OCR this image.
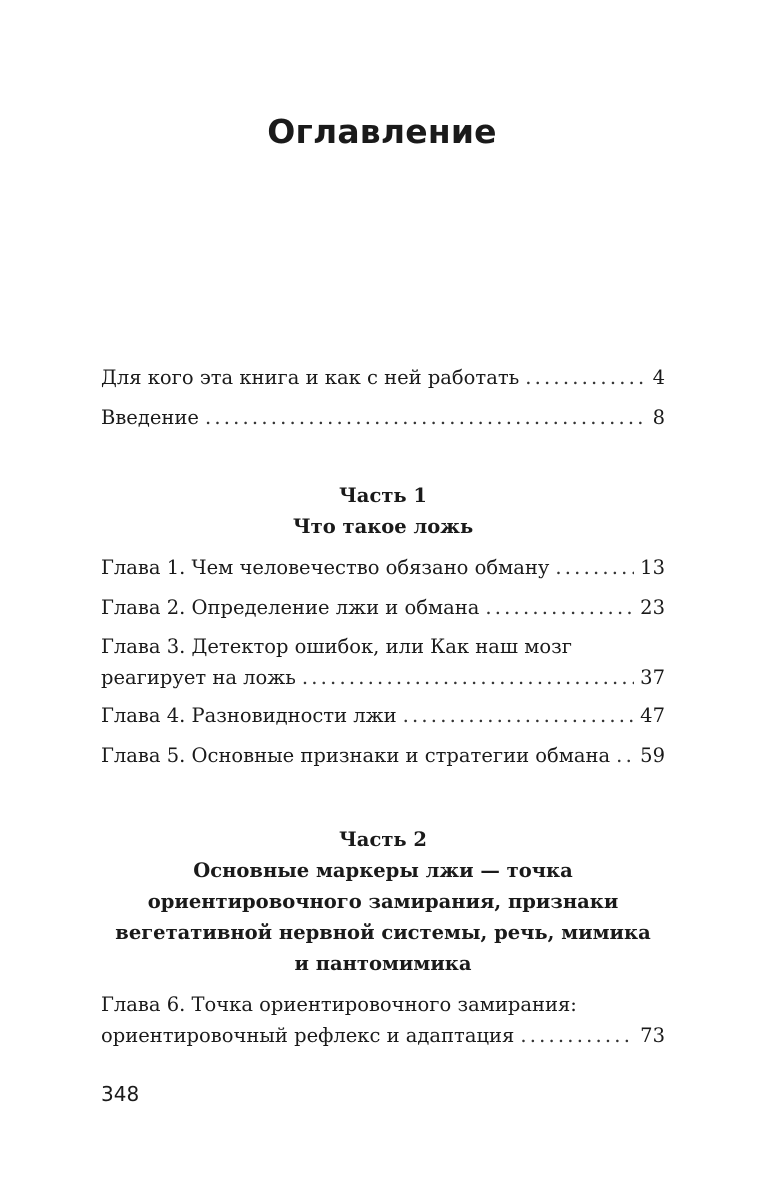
Оглавление
Для кого эта книга и как с ней работать .....	4
Введение .....	8
Часть 1
Что такое ложь
Глава 1. Чем человечество обязано обману .....	13
Глава 2. Определение лжи и обмана .....	23
Глава 3. Детектор ошибок, или Как наш мозг
реагирует на ложь .....	37
Глава 4. Разновидности лжи .....	47
Глава 5. Основные признаки и стратегии обмана ..... 59
Часть 2
Основные маркеры лжи — точка
ориентировочного замирания, признаки
вегетативной нервной системы, речь, мимика
и пантомимика
Глава 6. Точка ориентировочного замирания:
ориентировочный рефлекс и адаптация .....	73
348
